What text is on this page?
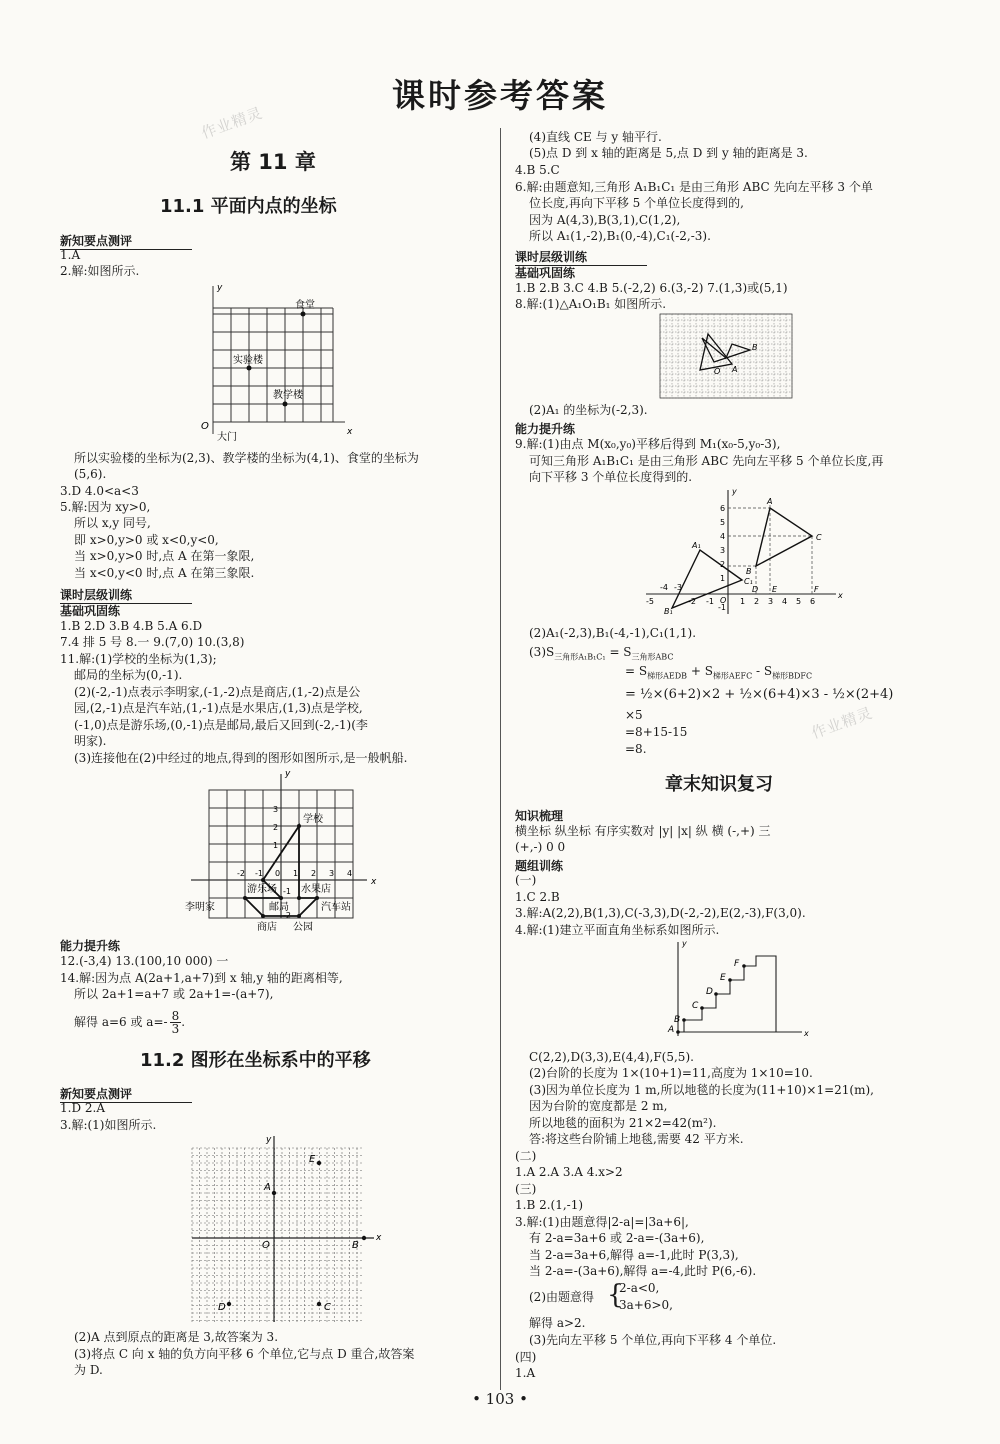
课时参考答案
作业精灵
作业精灵
第 11 章
11.1 平面内点的坐标
新知要点测评
1.A
2.解:如图所示.
食堂
实验楼
教学楼
大门
O	x
y
所以实验楼的坐标为(2,3)、教学楼的坐标为(4,1)、食堂的坐标为
(5,6).
3.D 4.0<a<3
5.解:因为 xy>0,
所以 x,y 同号,
即 x>0,y>0 或 x<0,y<0,
当 x>0,y>0 时,点 A 在第一象限,
当 x<0,y<0 时,点 A 在第三象限.
课时层级训练
基础巩固练
1.B 2.D 3.B 4.B 5.A 6.D
7.4 排 5 号 8.一 9.(7,0) 10.(3,8)
11.解:(1)学校的坐标为(1,3);
邮局的坐标为(0,-1).
(2)(-2,-1)点表示李明家,(-1,-2)点是商店,(1,-2)点是公
园,(2,-1)点是汽车站,(1,-1)点是水果店,(1,3)点是学校,
(-1,0)点是游乐场,(0,-1)点是邮局,最后又回到(-2,-1)(李
明家).
(3)连接他在(2)中经过的地点,得到的图形如图所示,是一般帆船.
学校
游乐场 水果店
李明家	邮局	汽车站
商店 公园
x
y
3
2
1
-1
-2
-2 -1 0 1 2 3 4
能力提升练
12.(-3,4) 13.(100,10 000) 一
14.解:因为点 A(2a+1,a+7)到 x 轴,y 轴的距离相等,
所以 2a+1=a+7 或 2a+1=-(a+7),
解得 a=6 或 $a=- \frac{8}{3}$ .
11.2 图形在坐标系中的平移
新知要点测评
1.D 2.A
3.解:(1)如图所示.
A
B
C
D
E
O
x
y
(2)A 点到原点的距离是 3,故答案为 3.
(3)将点 C 向 x 轴的负方向平移 6 个单位,它与点 D 重合,故答案
为 D.
(4)直线 CE 与 y 轴平行.
(5)点 D 到 x 轴的距离是 5,点 D 到 y 轴的距离是 3.
4.B 5.C
6.解:由题意知,三角形 A₁B₁C₁ 是由三角形 ABC 先向左平移 3 个单
位长度,再向下平移 5 个单位长度得到的,
因为 A(4,3),B(3,1),C(1,2),
所以 A₁(1,-2),B₁(0,-4),C₁(-2,-3).
课时层级训练
基础巩固练
1.B 2.B 3.C 4.B 5.(-2,2) 6.(3,-2) 7.(1,3)或(5,1)
8.解:(1)△A₁O₁B₁ 如图所示.
B
O A
(2)A₁ 的坐标为(-2,3).
能力提升练
9.解:(1)由点 M(x₀,y₀)平移后得到 M₁(x₀-5,y₀-3),
可知三角形 A₁B₁C₁ 是由三角形 ABC 先向左平移 5 个单位长度,再
向下平移 3 个单位长度得到的.
A
B
C
A₁
B₁
C₁
D E	F
O
x
y
6
5
4
3
2
1
-1
-5
-4 -3
-2 -1	1 2 3 4 5 6
(2)A₁(-2,3),B₁(-4,-1),C₁(1,1).
$(3)S_{三角形A_1B_1C_1} = S_{三角形ABC}$
= $S_{梯形AEDB} + S_{梯形AEFC} - S_{梯形BDFC}$
= ½×(6+2)×2 + ½×(6+4)×3 - ½×(2+4)
×5
=8+15-15
=8.
章末知识复习
知识梳理
横坐标 纵坐标 有序实数对 |y| |x| 纵 横 (-,+) 三
(+,-) 0 0
题组训练
(一)
1.C 2.B
3.解:A(2,2),B(1,3),C(-3,3),D(-2,-2),E(2,-3),F(3,0).
4.解:(1)建立平面直角坐标系如图所示.
A
B
C
D
E
F
x
y
C(2,2),D(3,3),E(4,4),F(5,5).
(2)台阶的长度为 1×(10+1)=11,高度为 1×10=10.
(3)因为单位长度为 1 m,所以地毯的长度为(11+10)×1=21(m),
因为台阶的宽度都是 2 m,
所以地毯的面积为 21×2=42(m²).
答:将这些台阶铺上地毯,需要 42 平方米.
(二)
1.A 2.A 3.A 4.x>2
(三)
1.B 2.(1,-1)
3.解:(1)由题意得|2-a|=|3a+6|,
有 2-a=3a+6 或 2-a=-(3a+6),
当 2-a=3a+6,解得 a=-1,此时 P(3,3),
当 2-a=-(3a+6),解得 a=-4,此时 P(6,-6).
(2)由题意得 {
2-a<0,
3a+6>0,
解得 a>2.
(3)先向左平移 5 个单位,再向下平移 4 个单位.
(四)
1.A
• 103 •
